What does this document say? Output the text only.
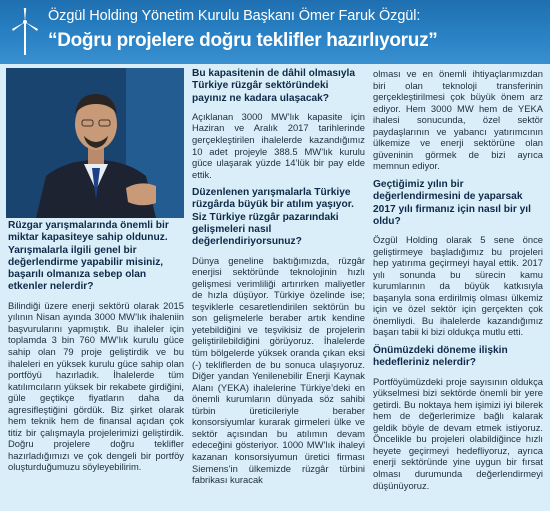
Özgül Holding Yönetim Kurulu Başkanı Ömer Faruk Özgül:
“Doğru projelere doğru teklifler hazırlıyoruz”

Rüzgar yarışmalarında önemli bir miktar kapasiteye sahip oldunuz. Yarışmalarla ilgili genel bir değerlendirme yapabilir misiniz, başarılı olmanıza sebep olan etkenler nelerdir?

Bilindiği üzere enerji sektörü olarak 2015 yılının Nisan ayında 3000 MW’lık ihaleniin başvurularını yapmıştık. Bu ihaleler için toplamda 3 bin 760 MW’lık kurulu güce sahip olan 79 proje geliştirdik ve bu ihaleleri en yüksek kurulu güce sahip olan portföyü hazırladık. İhalelerde tüm katılımcıların yüksek bir rekabete girdiğini, güle geçtikçe fiyatların daha da agresifleştiğini gördük. Biz şirket olarak hem teknik hem de finansal açıdan çok titiz bir çalışmayla projelerimizi geliştirdik. Doğru projelere doğru teklifler hazırladığımızı ve çok dengeli bir portföy oluşturduğumuzu söyleyebilirim.

Bu kapasitenin de dâhil olmasıyla Türkiye rüzgâr sektöründeki payınız ne kadara ulaşacak?

Açıklanan 3000 MW’lık kapasite için Haziran ve Aralık 2017 tarihlerinde gerçekleştirilen ihalelerde kazandığımız 10 adet projeyle 388.5 MW’lık kurulu güce ulaşarak yüzde 14’lük bir pay elde ettik.

Düzenlenen yarışmalarla Türkiye rüzgârda büyük bir atılım yaşıyor. Siz Türkiye rüzgâr pazarındaki gelişmeleri nasıl değerlendiriyorsunuz?

Dünya geneline baktığımızda, rüzgâr enerjisi sektöründe teknolojinin hızlı gelişmesi verimliliği artırırken maliyetler de hızla düşüyor. Türkiye özelinde ise; teşviklerle cesaretlendirilen sektörün bu son gelişmelerle beraber artık kendine yetebildiğini ve teşvikisiz de projelerin geliştirilebildiğini görüyoruz. İhalelerde tüm bölgelerde yüksek oranda çıkan eksi (-) tekliflerden de bu sonuca ulaşıyoruz. Diğer yandan Yenilenebilir Enerji Kaynak Alanı (YEKA) ihalelerine Türkiye’deki en önemli kurumların dünyada söz sahibi türbin üreticileriyle beraber konsorsiyumlar kurarak girmeleri ülke ve sektör açısından bu atılımın devam edeceğini gösteriyor. 1000 MW’lık ihaleyi kazanan konsorsiyumun üretici firması Siemens’in ülkemizde rüzgâr türbini fabrikası kuracak

olması ve en önemli ihtiyaçlarımızdan biri olan teknoloji transferinin gerçekleştirilmesi çok büyük önem arz ediyor. Hem 3000 MW hem de YEKA ihalesi sonucunda, özel sektör paydaşlarının ve yabancı yatırımcının ülkemize ve enerji sektörüne olan güveninin görmek de bizi ayrıca memnun ediyor.

Geçtiğimiz yılın bir değerlendirmesini de yaparsak 2017 yılı firmanız için nasıl bir yıl oldu?

Özgül Holding olarak 5 sene önce geliştirmeye başladığımız bu projeleri hep yatırıma geçirmeyi hayal ettik. 2017 yılı sonunda bu sürecin kamu kurumlarının da büyük katkısıyla başarıyla sona erdirilmiş olması ülkemiz için ve özel sektör için gerçekten çok önemliydi. Bu ihalelerde kazandığımız başarı tabii ki bizi oldukça mutlu etti.

Önümüzdeki döneme ilişkin hedefleriniz nelerdir?

Portföyümüzdeki proje sayısının oldukça yükselmesi bizi sektörde önemli bir yere getirdi. Bu noktaya hem işimizi iyi bilerek hem de değerlerimize bağlı kalarak geldik böyle de devam etmek istiyoruz. Öncelikle bu projeleri olabildiğince hızlı heyete geçirmeyi hedefliyoruz, ayrıca enerji sektöründe yine uygun bir fırsat olması durumunda değerlendirmeyi düşünüyoruz.
